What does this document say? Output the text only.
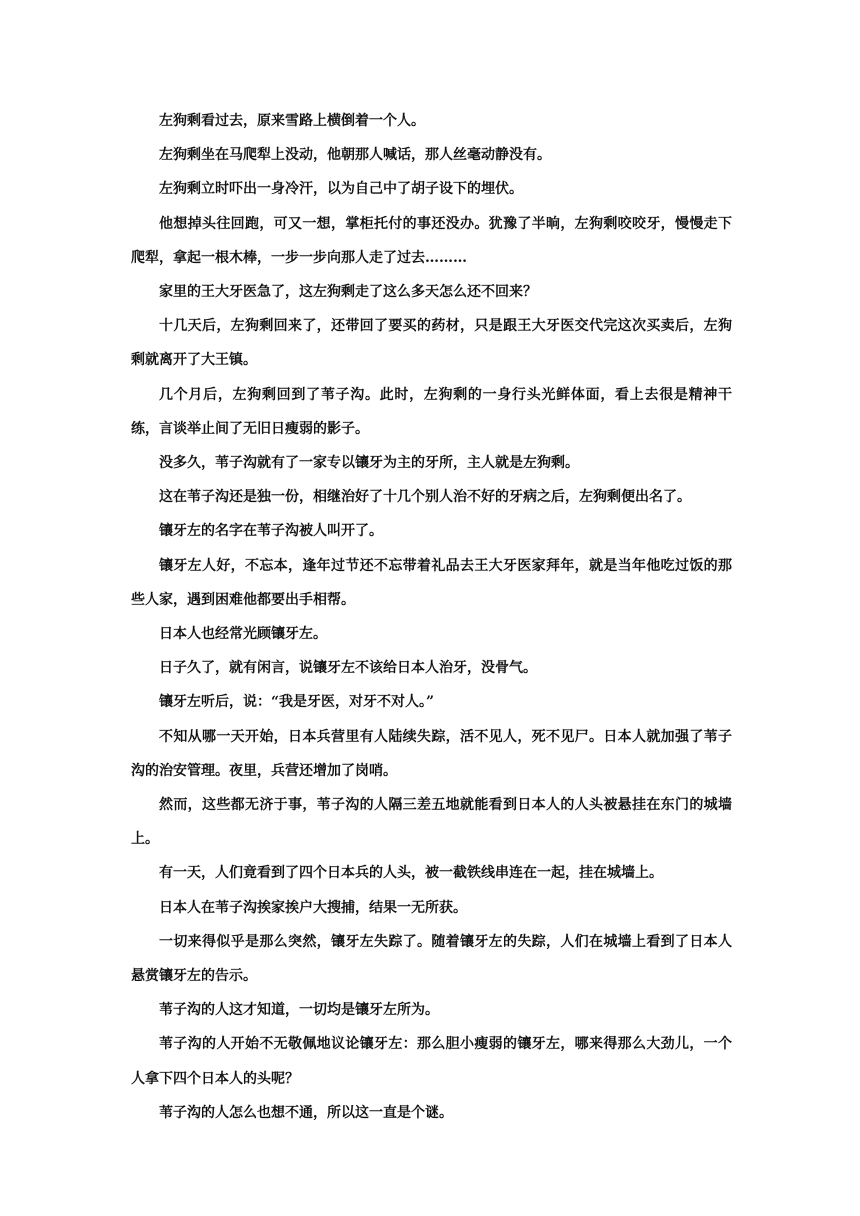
左狗剩看过去，原来雪路上横倒着一个人。

左狗剩坐在马爬犁上没动，他朝那人喊话，那人丝毫动静没有。

左狗剩立时吓出一身冷汗，以为自己中了胡子设下的埋伏。

他想掉头往回跑，可又一想，掌柜托付的事还没办。犹豫了半晌，左狗剩咬咬牙，慢慢走下爬犁，拿起一根木棒，一步一步向那人走了过去………

家里的王大牙医急了，这左狗剩走了这么多天怎么还不回来？

十几天后，左狗剩回来了，还带回了要买的药材，只是跟王大牙医交代完这次买卖后，左狗剩就离开了大王镇。

几个月后，左狗剩回到了苇子沟。此时，左狗剩的一身行头光鲜体面，看上去很是精神干练，言谈举止间了无旧日瘦弱的影子。

没多久，苇子沟就有了一家专以镶牙为主的牙所，主人就是左狗剩。

这在苇子沟还是独一份，相继治好了十几个别人治不好的牙病之后，左狗剩便出名了。

镶牙左的名字在苇子沟被人叫开了。

镶牙左人好，不忘本，逢年过节还不忘带着礼品去王大牙医家拜年，就是当年他吃过饭的那些人家，遇到困难他都要出手相帮。

日本人也经常光顾镶牙左。

日子久了，就有闲言，说镶牙左不该给日本人治牙，没骨气。

镶牙左听后，说：“我是牙医，对牙不对人。”

不知从哪一天开始，日本兵营里有人陆续失踪，活不见人，死不见尸。日本人就加强了苇子沟的治安管理。夜里，兵营还增加了岗哨。

然而，这些都无济于事，苇子沟的人隔三差五地就能看到日本人的人头被悬挂在东门的城墙上。

有一天，人们竟看到了四个日本兵的人头，被一截铁线串连在一起，挂在城墙上。

日本人在苇子沟挨家挨户大搜捕，结果一无所获。

一切来得似乎是那么突然，镶牙左失踪了。随着镶牙左的失踪，人们在城墙上看到了日本人悬赏镶牙左的告示。

苇子沟的人这才知道，一切均是镶牙左所为。

苇子沟的人开始不无敬佩地议论镶牙左：那么胆小瘦弱的镶牙左，哪来得那么大劲儿，一个人拿下四个日本人的头呢？

苇子沟的人怎么也想不通，所以这一直是个谜。
